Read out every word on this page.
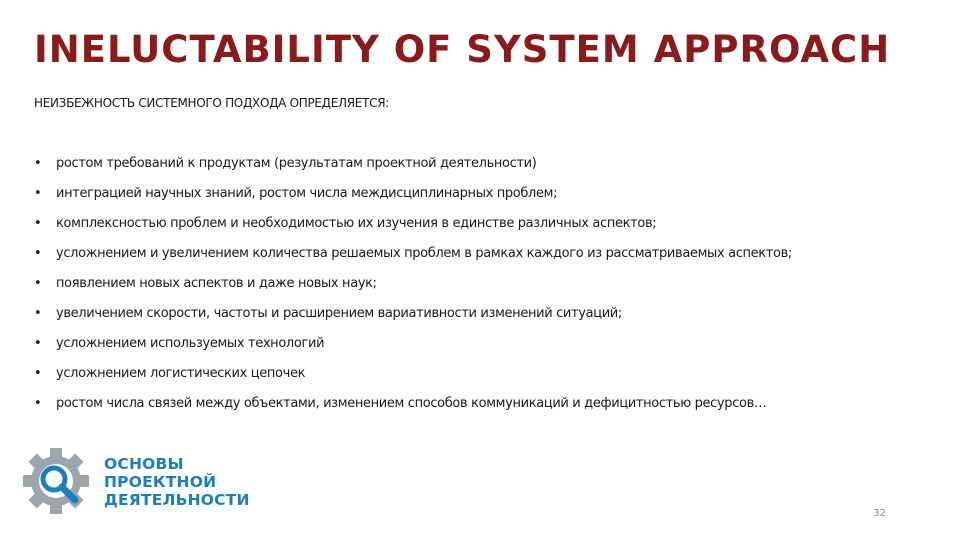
INELUCTABILITY OF SYSTEM APPROACH

НЕИЗБЕЖНОСТЬ СИСТЕМНОГО ПОДХОДА ОПРЕДЕЛЯЕТСЯ:

• ростом требований к продуктам (результатам проектной деятельности)
• интеграцией научных знаний, ростом числа междисциплинарных проблем;
• комплексностью проблем и необходимостью их изучения в единстве различных аспектов;
• усложнением и увеличением количества решаемых проблем в рамках каждого из рассматриваемых аспектов;
• появлением новых аспектов и даже новых наук;
• увеличением скорости, частоты и расширением вариативности изменений ситуаций;
• усложнением используемых технологий
• усложнением логистических цепочек
• ростом числа связей между объектами, изменением способов коммуникаций и дефицитностью ресурсов…
ОСНОВЫ
ПРОЕКТНОЙ
ДЕЯТЕЛЬНОСТИ
32
